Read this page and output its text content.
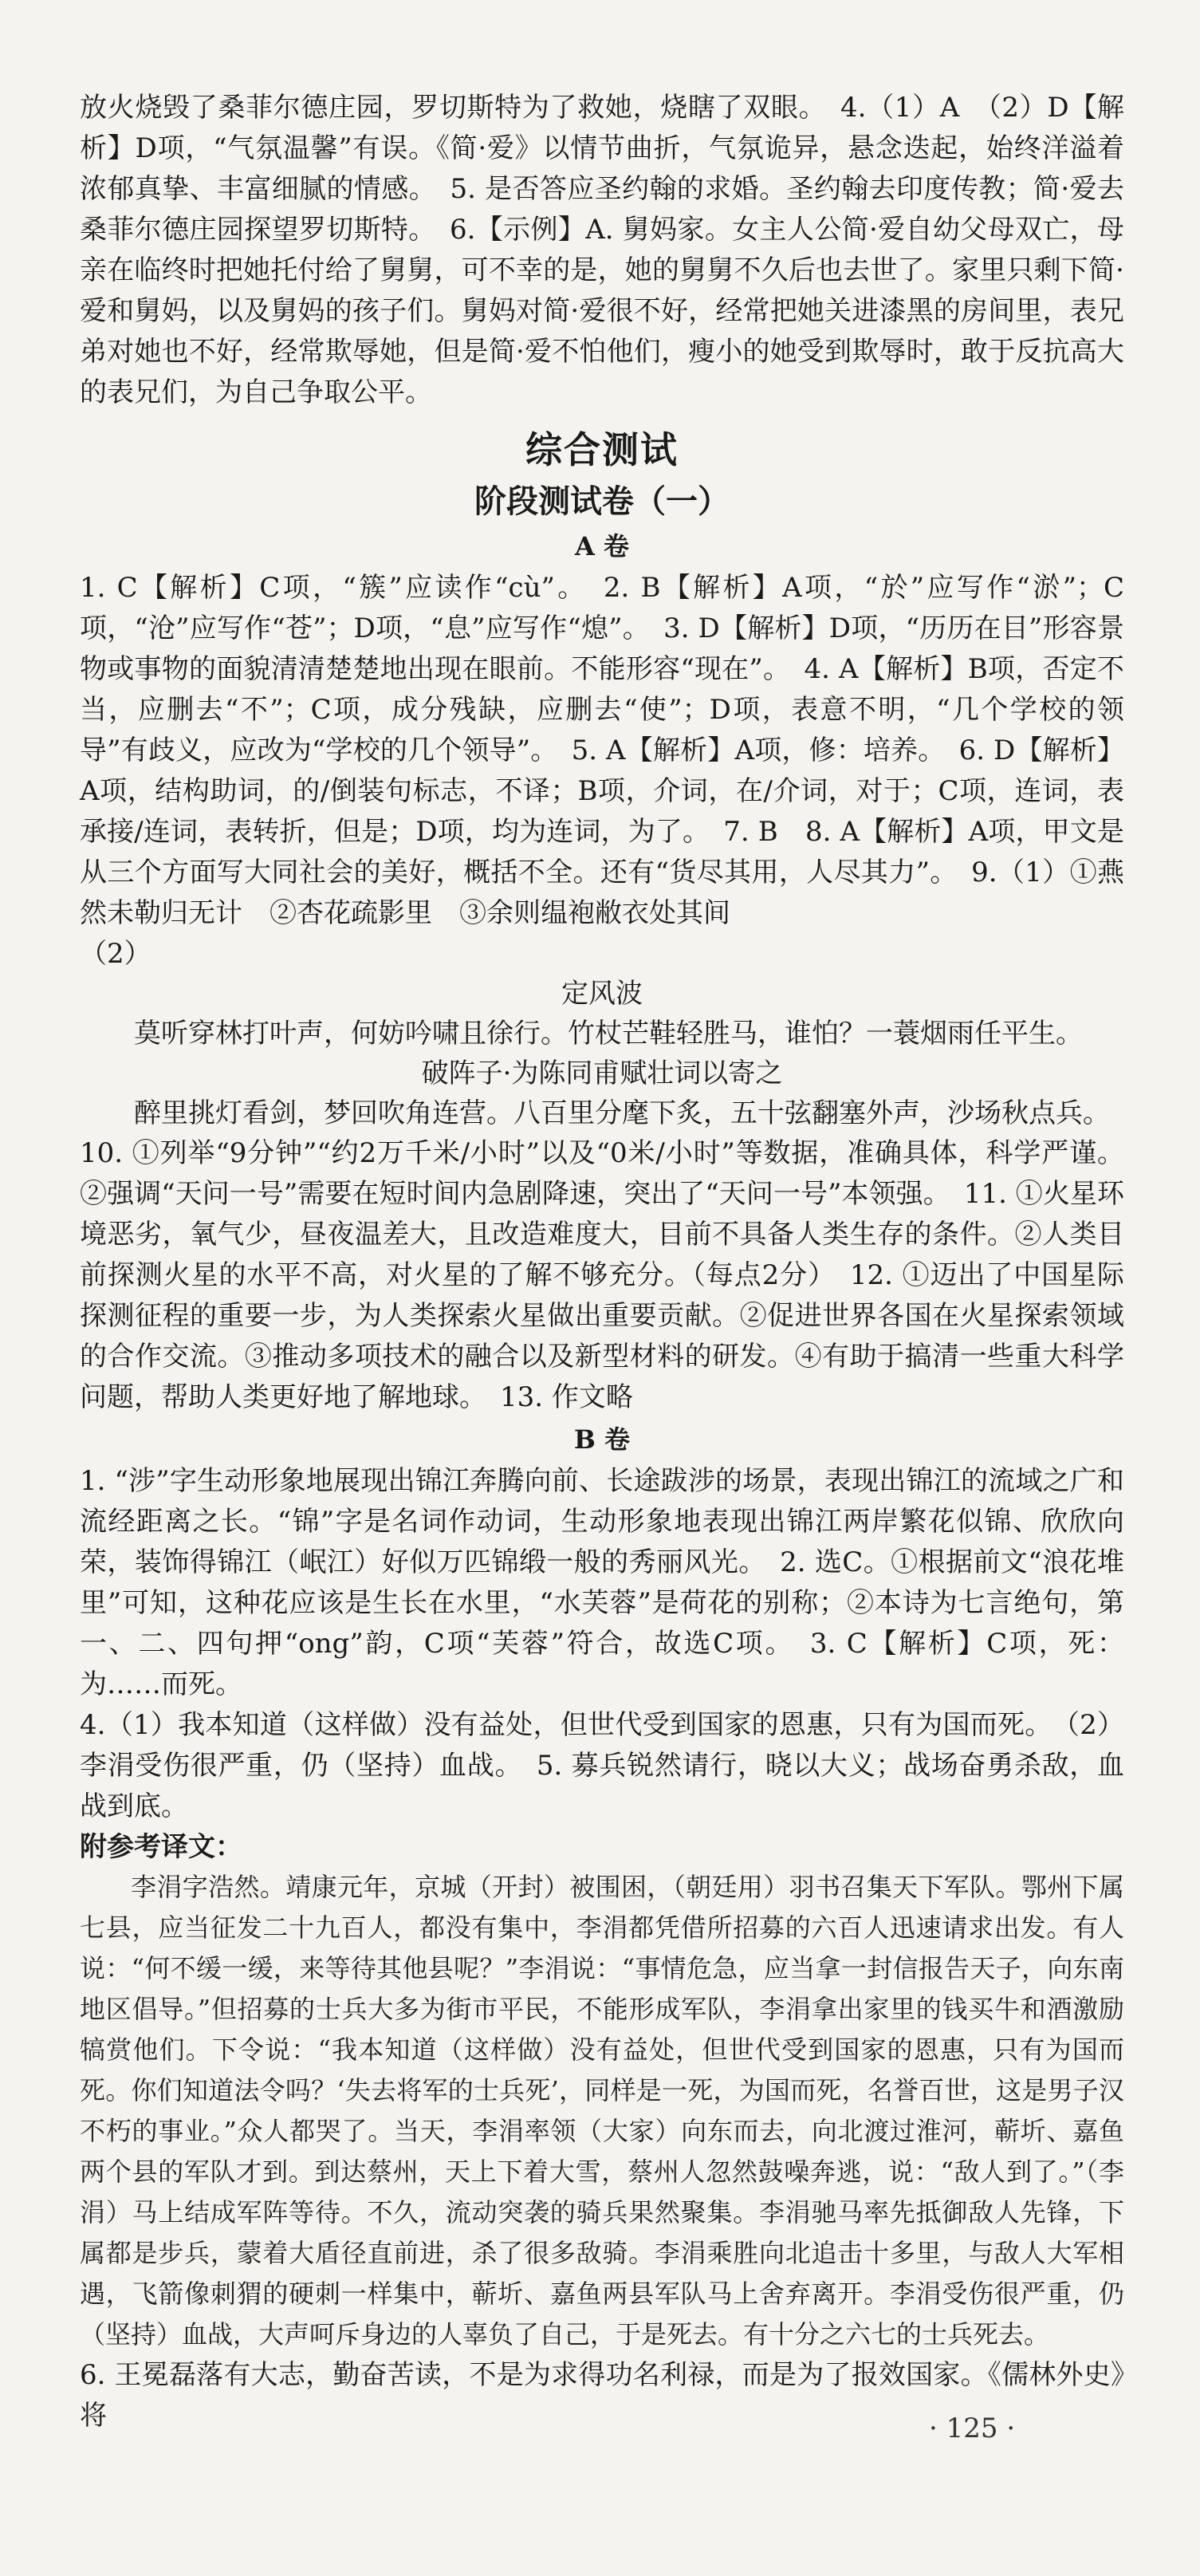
放火烧毁了桑菲尔德庄园，罗切斯特为了救她，烧瞎了双眼。　4.（1）A　（2）D【解析】D项，“气氛温馨”有误。《简·爱》以情节曲折，气氛诡异，悬念迭起，始终洋溢着浓郁真挚、丰富细腻的情感。　5. 是否答应圣约翰的求婚。圣约翰去印度传教；简·爱去桑菲尔德庄园探望罗切斯特。　6.【示例】A. 舅妈家。女主人公简·爱自幼父母双亡，母亲在临终时把她托付给了舅舅，可不幸的是，她的舅舅不久后也去世了。家里只剩下简·爱和舅妈，以及舅妈的孩子们。舅妈对简·爱很不好，经常把她关进漆黑的房间里，表兄弟对她也不好，经常欺辱她，但是简·爱不怕他们，瘦小的她受到欺辱时，敢于反抗高大的表兄们，为自己争取公平。

综合测试
阶段测试卷（一）
A 卷

1. C【解析】C项，“簇”应读作“cù”。　2. B【解析】A项，“於”应写作“淤”；C项，“沧”应写作“苍”；D项，“息”应写作“熄”。　3. D【解析】D项，“历历在目”形容景物或事物的面貌清清楚楚地出现在眼前。不能形容“现在”。　4. A【解析】B项，否定不当，应删去“不”；C项，成分残缺，应删去“使”；D项，表意不明，“几个学校的领导”有歧义，应改为“学校的几个领导”。　5. A【解析】A项，修：培养。　6. D【解析】A项，结构助词，的/倒装句标志，不译；B项，介词，在/介词，对于；C项，连词，表承接/连词，表转折，但是；D项，均为连词，为了。　7. B　8. A【解析】A项，甲文是从三个方面写大同社会的美好，概括不全。还有“货尽其用，人尽其力”。　9.（1）①燕然未勒归无计　②杏花疏影里　③余则缊袍敝衣处其间

（2）

定风波

莫听穿林打叶声，何妨吟啸且徐行。竹杖芒鞋轻胜马，谁怕？一蓑烟雨任平生。

破阵子·为陈同甫赋壮词以寄之

醉里挑灯看剑，梦回吹角连营。八百里分麾下炙，五十弦翻塞外声，沙场秋点兵。

10. ①列举“9分钟”“约2万千米/小时”以及“0米/小时”等数据，准确具体，科学严谨。②强调“天问一号”需要在短时间内急剧降速，突出了“天问一号”本领强。　11. ①火星环境恶劣，氧气少，昼夜温差大，且改造难度大，目前不具备人类生存的条件。②人类目前探测火星的水平不高，对火星的了解不够充分。（每点2分）　12. ①迈出了中国星际探测征程的重要一步，为人类探索火星做出重要贡献。②促进世界各国在火星探索领域的合作交流。③推动多项技术的融合以及新型材料的研发。④有助于搞清一些重大科学问题，帮助人类更好地了解地球。　13. 作文略

B 卷

1. “涉”字生动形象地展现出锦江奔腾向前、长途跋涉的场景，表现出锦江的流域之广和流经距离之长。“锦”字是名词作动词，生动形象地表现出锦江两岸繁花似锦、欣欣向荣，装饰得锦江（岷江）好似万匹锦缎一般的秀丽风光。　2. 选C。①根据前文“浪花堆里”可知，这种花应该是生长在水里，“水芙蓉”是荷花的别称；②本诗为七言绝句，第一、二、四句押“ong”韵，C项“芙蓉”符合，故选C项。　3. C【解析】C项，死：为……而死。

4.（1）我本知道（这样做）没有益处，但世代受到国家的恩惠，只有为国而死。　（2）李涓受伤很严重，仍（坚持）血战。　5. 募兵锐然请行，晓以大义；战场奋勇杀敌，血战到底。

附参考译文：

李涓字浩然。靖康元年，京城（开封）被围困，（朝廷用）羽书召集天下军队。鄂州下属七县，应当征发二十九百人，都没有集中，李涓都凭借所招募的六百人迅速请求出发。有人说：“何不缓一缓，来等待其他县呢？”李涓说：“事情危急，应当拿一封信报告天子，向东南地区倡导。”但招募的士兵大多为街市平民，不能形成军队，李涓拿出家里的钱买牛和酒激励犒赏他们。下令说：“我本知道（这样做）没有益处，但世代受到国家的恩惠，只有为国而死。你们知道法令吗？‘失去将军的士兵死’，同样是一死，为国而死，名誉百世，这是男子汉不朽的事业。”众人都哭了。当天，李涓率领（大家）向东而去，向北渡过淮河，蕲圻、嘉鱼两个县的军队才到。到达蔡州，天上下着大雪，蔡州人忽然鼓噪奔逃，说：“敌人到了。”（李涓）马上结成军阵等待。不久，流动突袭的骑兵果然聚集。李涓驰马率先抵御敌人先锋，下属都是步兵，蒙着大盾径直前进，杀了很多敌骑。李涓乘胜向北追击十多里，与敌人大军相遇，飞箭像刺猬的硬刺一样集中，蕲圻、嘉鱼两县军队马上舍弃离开。李涓受伤很严重，仍（坚持）血战，大声呵斥身边的人辜负了自己，于是死去。有十分之六七的士兵死去。

6. 王冕磊落有大志，勤奋苦读，不是为求得功名利禄，而是为了报效国家。《儒林外史》将	· 125 ·
